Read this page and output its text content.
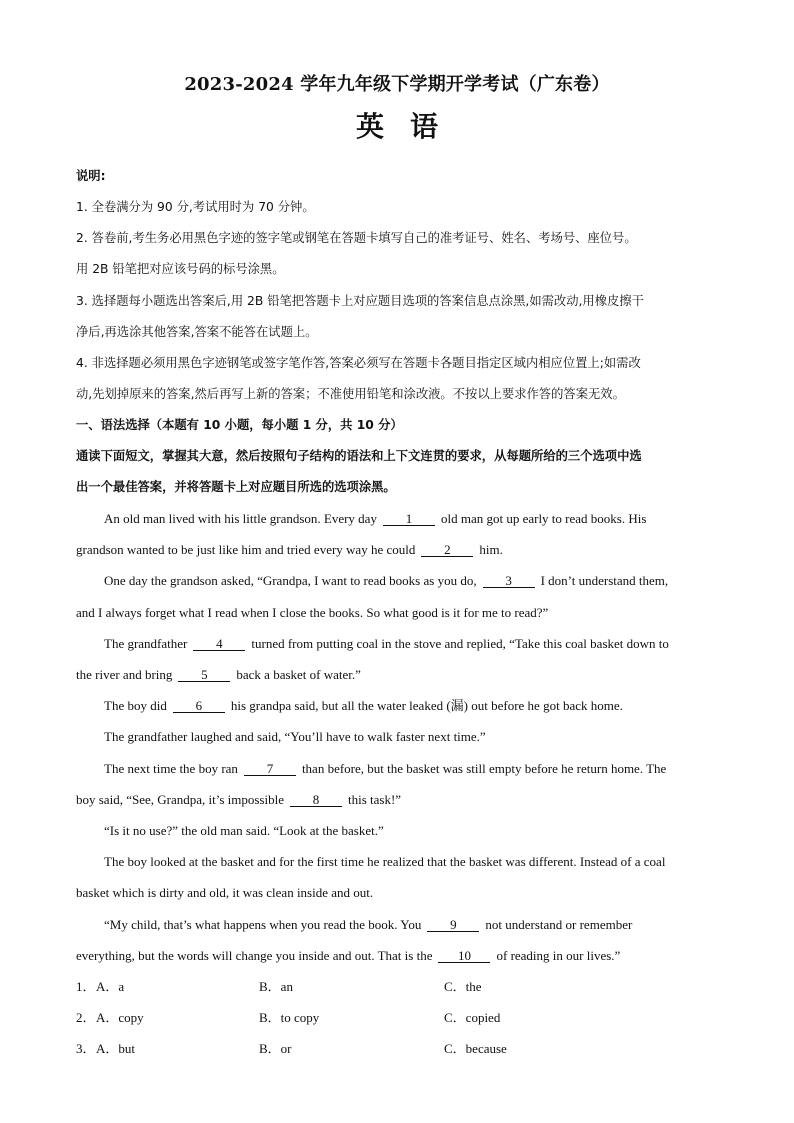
2023-2024 学年九年级下学期开学考试（广东卷）
英语
说明:
1. 全卷满分为 90 分,考试用时为 70 分钟。
2. 答卷前,考生务必用黑色字迹的签字笔或钢笔在答题卡填写自己的准考证号、姓名、考场号、座位号。
用 2B 铅笔把对应该号码的标号涂黑。
3. 选择题每小题选出答案后,用 2B 铅笔把答题卡上对应题目选项的答案信息点涂黑,如需改动,用橡皮擦干
净后,再选涂其他答案,答案不能答在试题上。
4. 非选择题必须用黑色字迹钢笔或签字笔作答,答案必须写在答题卡各题目指定区域内相应位置上;如需改
动,先划掉原来的答案,然后再写上新的答案；不准使用铅笔和涂改液。不按以上要求作答的答案无效。
一、语法选择（本题有 10 小题，每小题 1 分，共 10 分）
通读下面短文，掌握其大意，然后按照句子结构的语法和上下文连贯的要求，从每题所给的三个选项中选
出一个最佳答案，并将答题卡上对应题目所选的选项涂黑。
An old man lived with his little grandson. Every day 1 old man got up early to read books. His
grandson wanted to be just like him and tried every way he could 2 him.
One day the grandson asked, “Grandpa, I want to read books as you do, 3 I don’t understand them,
and I always forget what I read when I close the books. So what good is it for me to read?”
The grandfather 4 turned from putting coal in the stove and replied, “Take this coal basket down to
the river and bring 5 back a basket of water.”
The boy did 6 his grandpa said, but all the water leaked (漏) out before he got back home.
The grandfather laughed and said, “You’ll have to walk faster next time.”
The next time the boy ran 7 than before, but the basket was still empty before he return home. The
boy said, “See, Grandpa, it’s impossible 8 this task!”
“Is it no use?” the old man said. “Look at the basket.”
The boy looked at the basket and for the first time he realized that the basket was different. Instead of a coal
basket which is dirty and old, it was clean inside and out.
“My child, that’s what happens when you read the book. You 9 not understand or remember
everything, but the words will change you inside and out. That is the 10 of reading in our lives.”
1． A．a	B．an	C．the
2． A．copy	B．to copy	C．copied
3． A．but	B．or	C．because
